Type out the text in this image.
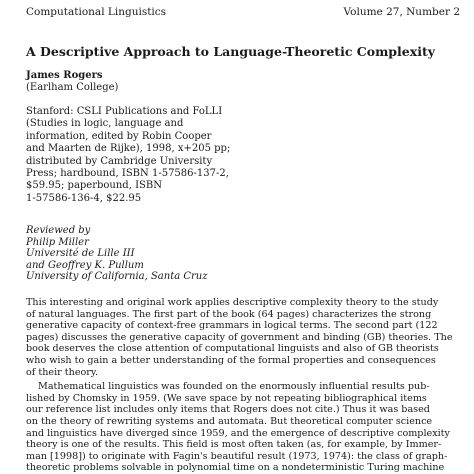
Computational Linguistics	Volume 27, Number 2
A Descriptive Approach to Language-Theoretic Complexity
James Rogers
(Earlham College)
Stanford: CSLI Publications and FoLLI
(Studies in logic, language and
information, edited by Robin Cooper
and Maarten de Rijke), 1998, x+205 pp;
distributed by Cambridge University
Press; hardbound, ISBN 1-57586-137-2,
$59.95; paperbound, ISBN
1-57586-136-4, $22.95
Reviewed by
Philip Miller
Université de Lille III
and Geoffrey K. Pullum
University of California, Santa Cruz
This interesting and original work applies descriptive complexity theory to the study
of natural languages. The first part of the book (64 pages) characterizes the strong
generative capacity of context-free grammars in logical terms. The second part (122
pages) discusses the generative capacity of government and binding (GB) theories. The
book deserves the close attention of computational linguists and also of GB theorists
who wish to gain a better understanding of the formal properties and consequences
of their theory.
Mathematical linguistics was founded on the enormously influential results pub-
lished by Chomsky in 1959. (We save space by not repeating bibliographical items
our reference list includes only items that Rogers does not cite.) Thus it was based
on the theory of rewriting systems and automata. But theoretical computer science
and linguistics have diverged since 1959, and the emergence of descriptive complexity
theory is one of the results. This field is most often taken (as, for example, by Immer-
man [1998]) to originate with Fagin's beautiful result (1973, 1974): the class of graph-
theoretic problems solvable in polynomial time on a nondeterministic Turing machine
